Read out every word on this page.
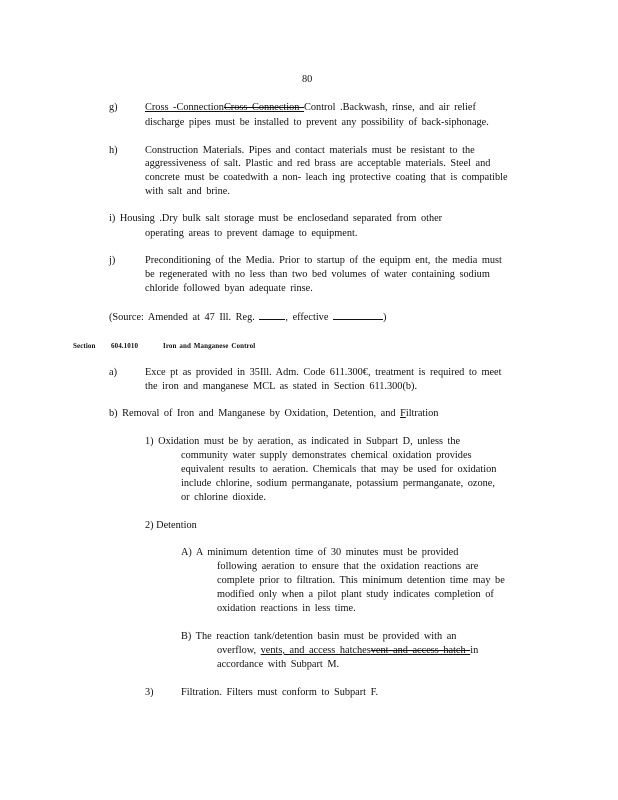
80
g)	Cross -ConnectionCross Connection Control .Backwash, rinse, and air relief
discharge pipes must be installed to prevent any possibility of back-siphonage.
h)	Construction Materials. Pipes and contact materials must be resistant to the
aggressiveness of salt. Plastic and red brass are acceptable materials. Steel and
concrete must be coatedwith a non- leach ing protective coating that is compatible
with salt and brine.
i) Housing .Dry bulk salt storage must be enclosedand separated from other
operating areas to prevent damage to equipment.
j)	Preconditioning of the Media. Prior to startup of the equipm ent, the media must
be regenerated with no less than two bed volumes of water containing sodium
chloride followed byan adequate rinse.
(Source: Amended at 47 Ill. Reg.	, effective	)
Section 604.1010	Iron and Manganese Control
a)	Exce pt as provided in 35Ill. Adm. Code 611.300€, treatment is required to meet
the iron and manganese MCL as stated in Section 611.300(b).
b) Removal of Iron and Manganese by Oxidation, Detention, and Filtration
1) Oxidation must be by aeration, as indicated in Subpart D, unless the
community water supply demonstrates chemical oxidation provides
equivalent results to aeration. Chemicals that may be used for oxidation
include chlorine, sodium permanganate, potassium permanganate, ozone,
or chlorine dioxide.
2) Detention
A) A minimum detention time of 30 minutes must be provided
following aeration to ensure that the oxidation reactions are
complete prior to filtration. This minimum detention time may be
modified only when a pilot plant study indicates completion of
oxidation reactions in less time.
B) The reaction tank/detention basin must be provided with an
overflow, vents, and access hatchesvent and access hatch in
accordance with Subpart M.
3)	Filtration. Filters must conform to Subpart F.
